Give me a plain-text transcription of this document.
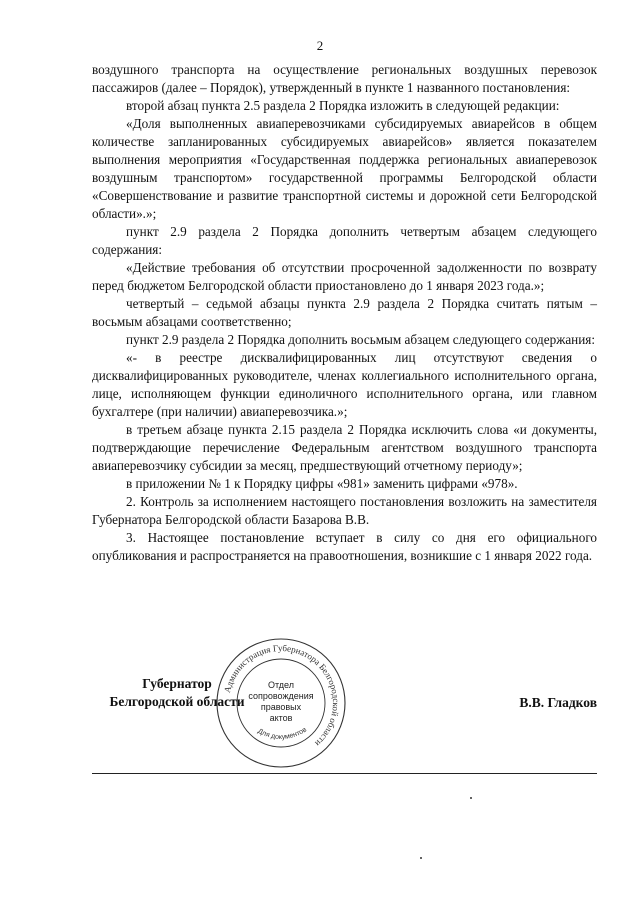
2

воздушного транспорта на осуществление региональных воздушных перевозок пассажиров (далее – Порядок), утвержденный в пункте 1 названного постановления:

второй абзац пункта 2.5 раздела 2 Порядка изложить в следующей редакции:

«Доля выполненных авиаперевозчиками субсидируемых авиарейсов в общем количестве запланированных субсидируемых авиарейсов» является показателем выполнения мероприятия «Государственная поддержка региональных авиаперевозок воздушным транспортом» государственной программы Белгородской области «Совершенствование и развитие транспортной системы и дорожной сети Белгородской области».»;

пункт 2.9 раздела 2 Порядка дополнить четвертым абзацем следующего содержания:

«Действие требования об отсутствии просроченной задолженности по возврату перед бюджетом Белгородской области приостановлено до 1 января 2023 года.»;

четвертый – седьмой абзацы пункта 2.9 раздела 2 Порядка считать пятым – восьмым абзацами соответственно;

пункт 2.9 раздела 2 Порядка дополнить восьмым абзацем следующего содержания:

«- в реестре дисквалифицированных лиц отсутствуют сведения о дисквалифицированных руководителе, членах коллегиального исполнительного органа, лице, исполняющем функции единоличного исполнительного органа, или главном бухгалтере (при наличии) авиаперевозчика.»;

в третьем абзаце пункта 2.15 раздела 2 Порядка исключить слова «и документы, подтверждающие перечисление Федеральным агентством воздушного транспорта авиаперевозчику субсидии за месяц, предшествующий отчетному периоду»;

в приложении № 1 к Порядку цифры «981» заменить цифрами «978».

2. Контроль за исполнением настоящего постановления возложить на заместителя Губернатора Белгородской области Базарова В.В.

3. Настоящее постановление вступает в силу со дня его официального опубликования и распространяется на правоотношения, возникшие с 1 января 2022 года.

Губернатор
Белгородской области	В.В. Гладков
Администрация Губернатора Белгородской области
Отдел
сопровождения
правовых
актов
Для документов
